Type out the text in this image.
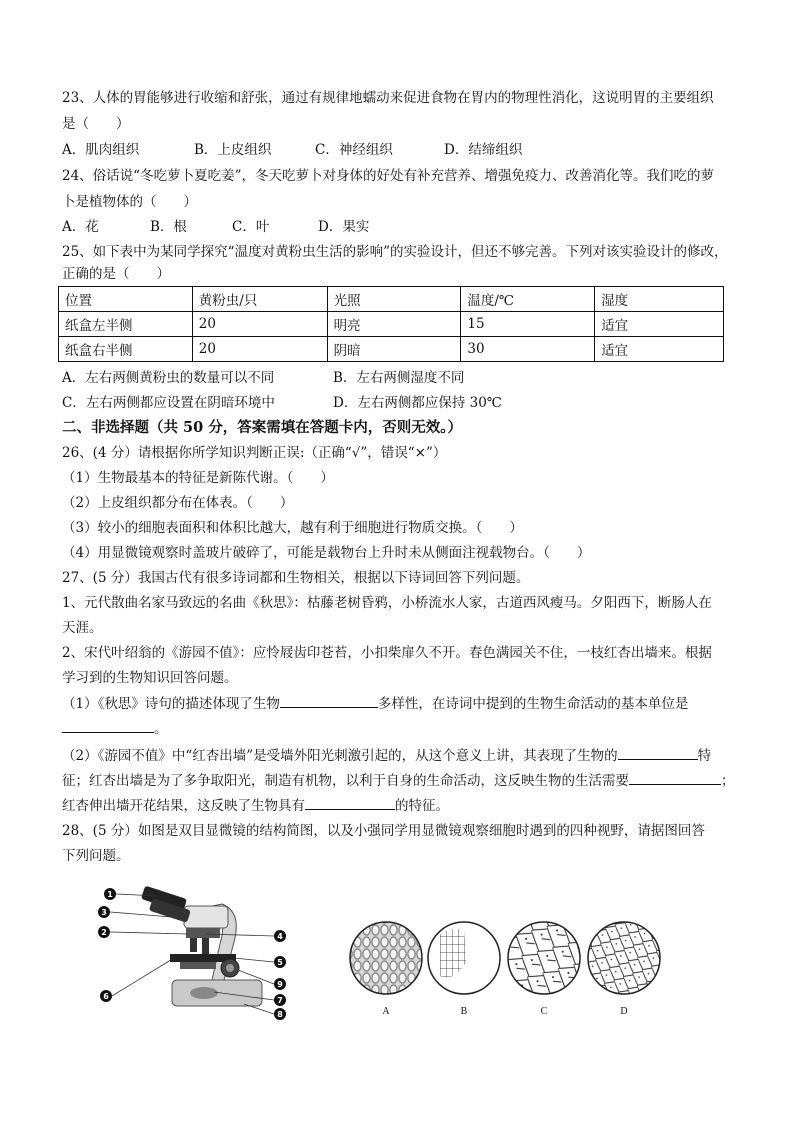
23、人体的胃能够进行收缩和舒张，通过有规律地蠕动来促进食物在胃内的物理性消化，这说明胃的主要组织
是（　　）
A．肌肉组织	B．上皮组织	C．神经组织	D．结缔组织
24、俗话说“冬吃萝卜夏吃姜”，冬天吃萝卜对身体的好处有补充营养、增强免疫力、改善消化等。我们吃的萝
卜是植物体的（　　）
A．花	B．根	C．叶	D．果实
25、如下表中为某同学探究“温度对黄粉虫生活的影响”的实验设计，但还不够完善。下列对该实验设计的修改，
正确的是（　　）
位置	黄粉虫/只	光照	温度/℃	湿度
纸盒左半侧	20	明亮	15	适宜
纸盒右半侧	20	阴暗	30	适宜
A．左右两侧黄粉虫的数量可以不同	B．左右两侧湿度不同
C．左右两侧都应设置在阴暗环境中	D．左右两侧都应保持 30℃
二、非选择题（共 50 分，答案需填在答题卡内，否则无效。）
26、(4 分）请根据你所学知识判断正误:（正确“√”，错误“×”）
（1）生物最基本的特征是新陈代谢。（　　）
（2）上皮组织都分布在体表。（　　）
（3）较小的细胞表面积和体积比越大，越有利于细胞进行物质交换。（　　）
（4）用显微镜观察时盖玻片破碎了，可能是载物台上升时未从侧面注视载物台。（　　）
27、(5 分）我国古代有很多诗词都和生物相关，根据以下诗词回答下列问题。
1、元代散曲名家马致远的名曲《秋思》：枯藤老树昏鸦，小桥流水人家，古道西风瘦马。夕阳西下，断肠人在
天涯。
2、宋代叶绍翁的《游园不值》：应怜屐齿印苍苔，小扣柴扉久不开。春色满园关不住，一枝红杏出墙来。根据
学习到的生物知识回答问题。
（1）《秋思》诗句的描述体现了生物	多样性，在诗词中提到的生物生命活动的基本单位是
。
（2）《游园不值》中“红杏出墙”是受墙外阳光刺激引起的，从这个意义上讲，其表现了生物的	特
征；红杏出墙是为了多争取阳光，制造有机物，以利于自身的生命活动，这反映生物的生活需要	；
红杏伸出墙开花结果，这反映了生物具有	的特征。
28、(5 分）如图是双目显微镜的结构简图，以及小强同学用显微镜观察细胞时遇到的四种视野，请据图回答
下列问题。
1
3
2
6
4
5
9
7
8	A	B	C	D
